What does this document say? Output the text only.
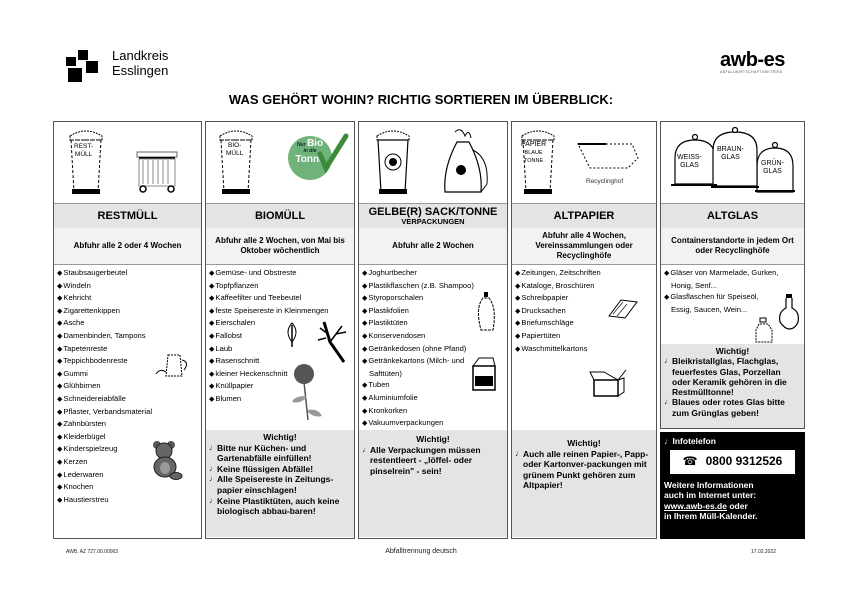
Landkreis
Esslingen	awb-es
ABFALLWIRTSCHAFTSBETRIEB
WAS GEHÖRT WOHIN? RICHTIG SORTIEREN IM ÜBERBLICK:
REST-
MÜLL
RESTMÜLL
Abfuhr alle 2 oder 4 Wochen
◆Staubsaugerbeutel
◆Windeln
◆Kehricht
◆Zigarettenkippen
◆Asche
◆Damenbinden, Tampons
◆Tapetenreste
◆Teppichbodenreste
◆Gummi
◆Glühbirnen
◆Schneidereiabfälle
◆Pflaster, Verbandsmaterial
◆Zahnbürsten
◆Kleiderbügel
◆Kinderspielzeug
◆Kerzen
◆Lederwaren
◆Knochen
◆Haustierstreu
BIO-
MÜLL
Nur Bio
in die
Tonne
BIOMÜLL
Abfuhr alle 2 Wochen, von Mai bis Oktober wöchentlich
◆Gemüse- und Obstreste
◆Topfpflanzen
◆Kaffeefilter und Teebeutel
◆feste Speisereste in Kleinmengen
◆Eierschalen
◆Fallobst
◆Laub
◆Rasenschnitt
◆kleiner Heckenschnitt
◆Knüllpapier
◆Blumen
Wichtig!

♩ Bitte nur Küchen- und Gartenabfälle einfüllen!

♩ Keine flüssigen Abfälle!

♩ Alle Speisereste in Zeitungs-papier einschlagen!

♩ Keine Plastiktüten, auch keine biologisch abbau-baren!

GELBE(R) SACK/TONNE
VERPACKUNGEN
Abfuhr alle 2 Wochen
◆Joghurtbecher
◆Plastikflaschen (z.B. Shampoo)
◆Styroporschalen
◆Plastikfolien
◆Plastiktüten
◆Konservendosen
◆Getränkedosen (ohne Pfand)
◆Getränkekartons (Milch- und
Safttüten)
◆Tuben
◆Aluminiumfolie
◆Kronkorken
◆Vakuumverpackungen
Wichtig!

♩ Alle Verpackungen müssen restentleert - „löffel- oder pinselrein" - sein!

PAPIER
BLAUE
TONNE
Recyclinghof
ALTPAPIER
Abfuhr alle 4 Wochen, Vereinssammlungen oder Recyclinghöfe
◆Zeitungen, Zeitschriften
◆Kataloge, Broschüren
◆Schreibpapier
◆Drucksachen
◆Briefumschläge
◆Papiertüten
◆Waschmittelkartons
Wichtig!

♩ Auch alle reinen Papier-, Papp- oder Kartonver-packungen mit grünem Punkt gehören zum Altpapier!

WEISS-
GLAS
BRAUN-
GLAS
GRÜN-
GLAS
ALTGLAS
Containerstandorte in jedem Ort oder Recyclinghöfe
◆Gläser von Marmelade, Gurken,
Honig, Senf...
◆Glasflaschen für Speiseöl,
Essig, Saucen, Wein...
Wichtig!

♩ Bleikristallglas, Flachglas, feuerfestes Glas, Porzellan oder Keramik gehören in die Restmülltonne!

♩ Blaues oder rotes Glas bitte zum Grünglas geben!

♩Infotelefon
☎ 0800 9312526
Weitere Informationen
auch im Internet unter:
www.awb-es.de oder
in Ihrem Müll-Kalender.
AWB, AZ 727.00.00063	Abfalltrennung deutsch	17.02.2022
